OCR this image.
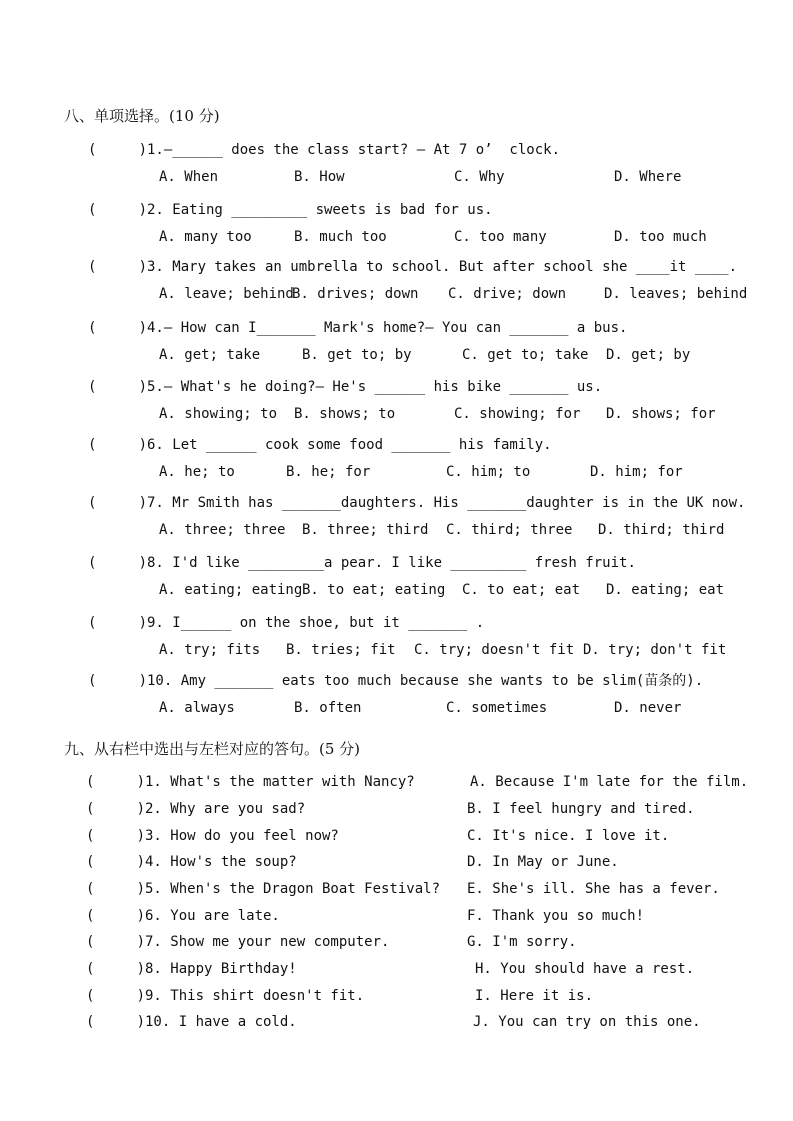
八、单项选择。(10 分)
(     )1.—______ does the class start? — At 7 o’  clock.
A. When	B. How	C. Why	D. Where
(     )2. Eating _________ sweets is bad for us.
A. many too	B. much too	C. too many	D. too much
(     )3. Mary takes an umbrella to school. But after school she ____it ____.
A. leave; behind
B. drives; down C. drive; down	D. leaves; behind
(     )4.— How can I_______ Mark's home?— You can _______ a bus.
A. get; take	B. get to; by	C. get to; take D. get; by
(     )5.— What's he doing?— He's ______ his bike _______ us.
A. showing; to B. shows; to	C. showing; for D. shows; for
(     )6. Let ______ cook some food _______ his family.
A. he; to	B. he; for	C. him; to	D. him; for
(     )7. Mr Smith has _______daughters. His _______daughter is in the UK now.
A. three; three B. three; third C. third; three D. third; third
(     )8. I'd like _________a pear. I like _________ fresh fruit.
A. eating; eating B. to eat; eating C. to eat; eat D. eating; eat
(     )9. I______ on the shoe, but it _______ .
A. try; fits B. tries; fit C. try; doesn't fit D. try; don't fit
(     )10. Amy _______ eats too much because she wants to be slim(苗条的).
A. always	B. often	C. sometimes	D. never
九、从右栏中选出与左栏对应的答句。(5 分)
(     )1. What's the matter with Nancy?	A. Because I'm late for the film.
(     )2. Why are you sad?	B. I feel hungry and tired.
(     )3. How do you feel now?	C. It's nice. I love it.
(     )4. How's the soup?	D. In May or June.
(     )5. When's the Dragon Boat Festival? E. She's ill. She has a fever.
(     )6. You are late.	F. Thank you so much!
(     )7. Show me your new computer.	G. I'm sorry.
(     )8. Happy Birthday!	H. You should have a rest.
(     )9. This shirt doesn't fit.	I. Here it is.
(     )10. I have a cold.	J. You can try on this one.
